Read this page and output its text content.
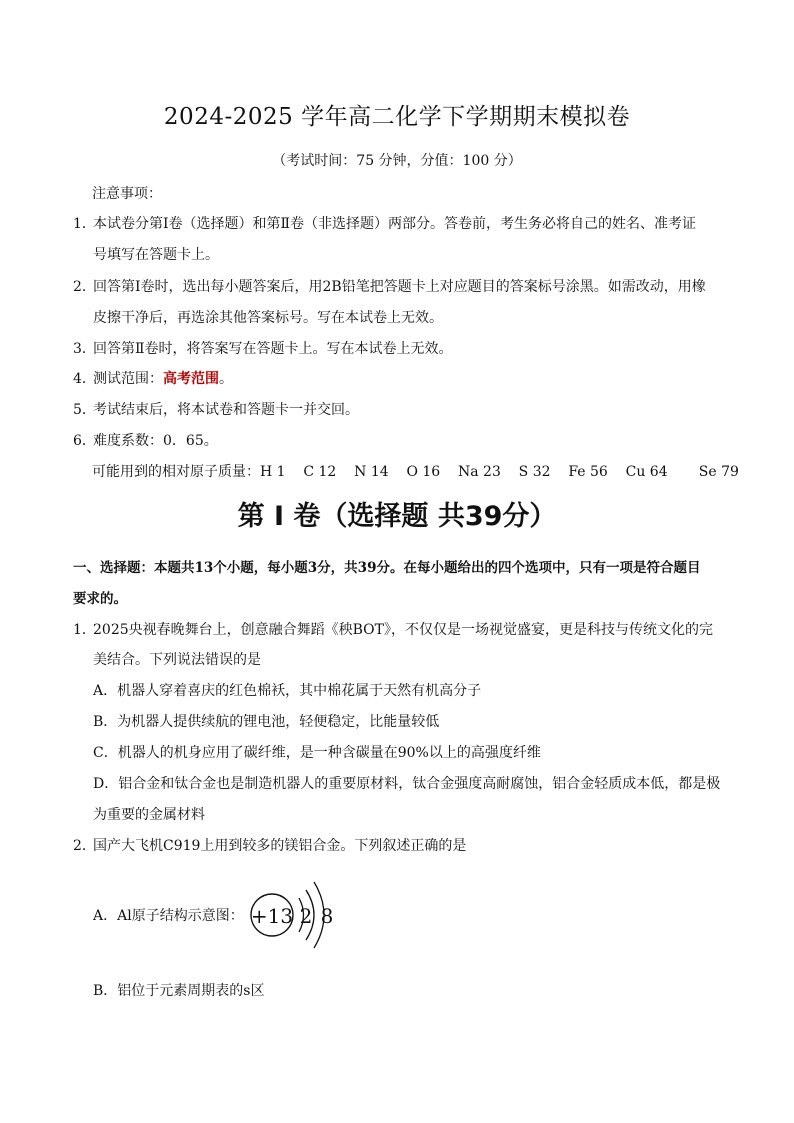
2024-2025 学年高二化学下学期期末模拟卷
（考试时间：75 分钟，分值：100 分）
注意事项：
1．本试卷分第Ⅰ卷（选择题）和第Ⅱ卷（非选择题）两部分。答卷前，考生务必将自己的姓名、准考证
号填写在答题卡上。
2．回答第Ⅰ卷时，选出每小题答案后，用2B铅笔把答题卡上对应题目的答案标号涂黑。如需改动，用橡
皮擦干净后，再选涂其他答案标号。写在本试卷上无效。
3．回答第Ⅱ卷时，将答案写在答题卡上。写在本试卷上无效。
4．测试范围：高考范围。
5．考试结束后，将本试卷和答题卡一并交回。
6．难度系数：0．65。
可能用到的相对原子质量：H 1    C 12    N 14    O 16    Na 23    S 32    Fe 56    Cu 64       Se 79
第 I 卷（选择题 共39分）
一、选择题：本题共13个小题，每小题3分，共39分。在每小题给出的四个选项中，只有一项是符合题目
要求的。
1．2025央视春晚舞台上，创意融合舞蹈《秧BOT》，不仅仅是一场视觉盛宴，更是科技与传统文化的完
美结合。下列说法错误的是
A．机器人穿着喜庆的红色棉袄，其中棉花属于天然有机高分子
B．为机器人提供续航的锂电池，轻便稳定，比能量较低
C．机器人的机身应用了碳纤维，是一种含碳量在90%以上的高强度纤维
D．铝合金和钛合金也是制造机器人的重要原材料，钛合金强度高耐腐蚀，铝合金轻质成本低，都是极
为重要的金属材料
2．国产大飞机C919上用到较多的镁铝合金。下列叙述正确的是
A．Al原子结构示意图： +13 2 8
B．铝位于元素周期表的s区
